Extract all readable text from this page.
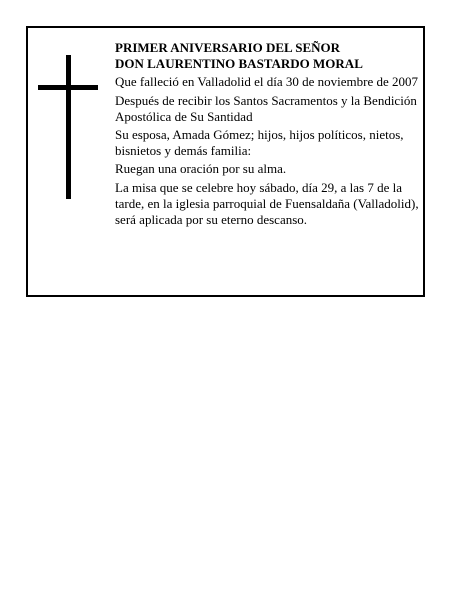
PRIMER ANIVERSARIO DEL SEÑOR

DON LAURENTINO BASTARDO MORAL

Que falleció en Valladolid el día 30 de noviembre de 2007

Después de recibir los Santos Sacramentos y la Bendición Apostólica de Su Santidad

Su esposa, Amada Gómez; hijos, hijos políticos, nietos, bisnietos y demás familia:

Ruegan una oración por su alma.

La misa que se celebre hoy sábado, día 29, a las 7 de la tarde, en la iglesia parroquial de Fuensaldaña (Valladolid), será aplicada por su eterno descanso.
